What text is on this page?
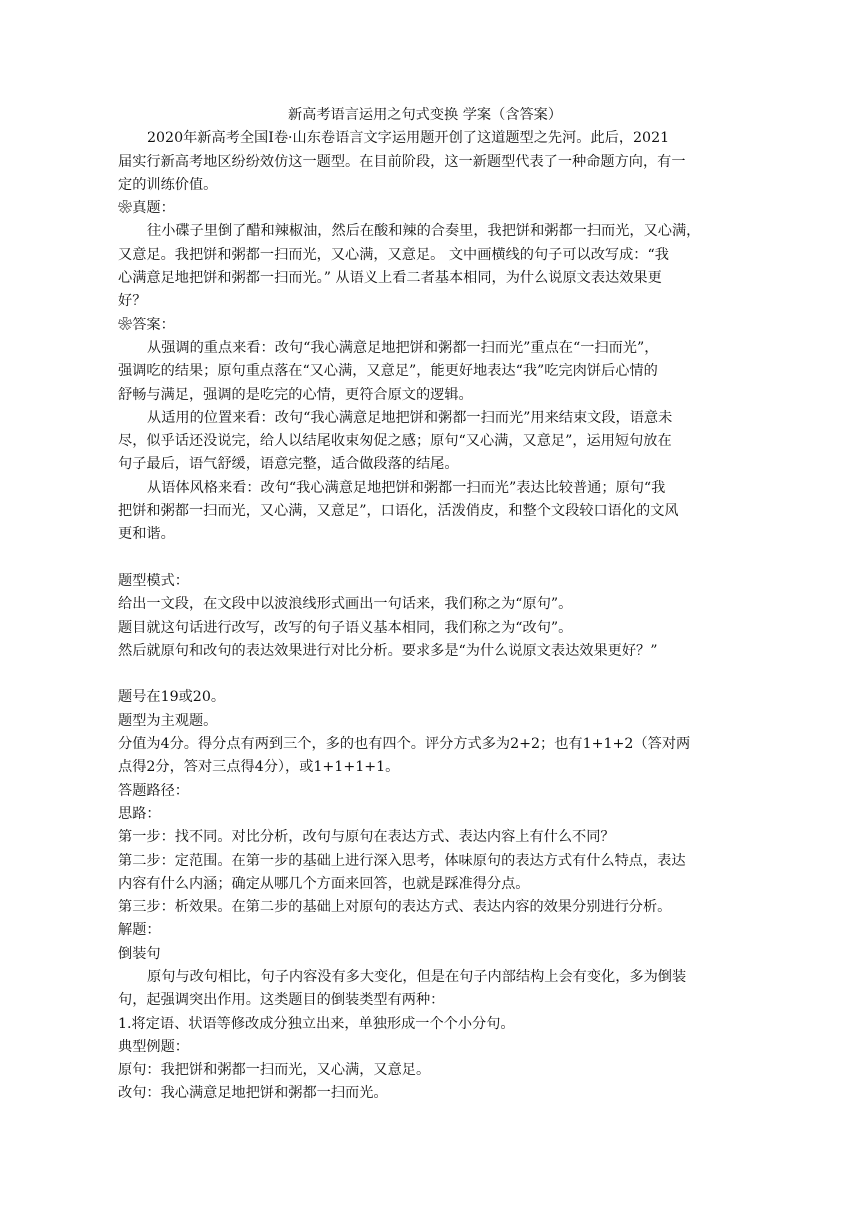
新高考语言运用之句式变换 学案（含答案）

2020年新高考全国Ⅰ卷·山东卷语言文字运用题开创了这道题型之先河。此后，2021

届实行新高考地区纷纷效仿这一题型。在目前阶段，这一新题型代表了一种命题方向，有一

定的训练价值。

❀真题：

往小碟子里倒了醋和辣椒油，然后在酸和辣的合奏里，我把饼和粥都一扫而光，又心满，

又意足。我把饼和粥都一扫而光，又心满，又意足。 文中画横线的句子可以改写成：“我

心满意足地把饼和粥都一扫而光。” 从语义上看二者基本相同，为什么说原文表达效果更

好？

❀答案：

从强调的重点来看：改句“我心满意足地把饼和粥都一扫而光”重点在“一扫而光”，

强调吃的结果；原句重点落在“又心满，又意足”，能更好地表达“我”吃完肉饼后心情的

舒畅与满足，强调的是吃完的心情，更符合原文的逻辑。

从适用的位置来看：改句“我心满意足地把饼和粥都一扫而光”用来结束文段，语意未

尽，似乎话还没说完，给人以结尾收束匆促之感；原句“又心满，又意足”，运用短句放在

句子最后，语气舒缓，语意完整，适合做段落的结尾。

从语体风格来看：改句“我心满意足地把饼和粥都一扫而光”表达比较普通；原句“我

把饼和粥都一扫而光，又心满，又意足”，口语化，活泼俏皮，和整个文段较口语化的文风

更和谐。

题型模式：

给出一文段，在文段中以波浪线形式画出一句话来，我们称之为“原句”。

题目就这句话进行改写，改写的句子语义基本相同，我们称之为“改句”。

然后就原句和改句的表达效果进行对比分析。要求多是“为什么说原文表达效果更好？”

题号在19或20。

题型为主观题。

分值为4分。得分点有两到三个，多的也有四个。评分方式多为2+2；也有1+1+2（答对两

点得2分，答对三点得4分），或1+1+1+1。

答题路径：

思路：

第一步：找不同。对比分析，改句与原句在表达方式、表达内容上有什么不同？

第二步：定范围。在第一步的基础上进行深入思考，体味原句的表达方式有什么特点，表达

内容有什么内涵；确定从哪几个方面来回答，也就是踩准得分点。

第三步：析效果。在第二步的基础上对原句的表达方式、表达内容的效果分别进行分析。

解题：

倒装句

原句与改句相比，句子内容没有多大变化，但是在句子内部结构上会有变化，多为倒装

句，起强调突出作用。这类题目的倒装类型有两种：

1.将定语、状语等修改成分独立出来，单独形成一个个小分句。

典型例题：

原句：我把饼和粥都一扫而光，又心满，又意足。

改句：我心满意足地把饼和粥都一扫而光。
